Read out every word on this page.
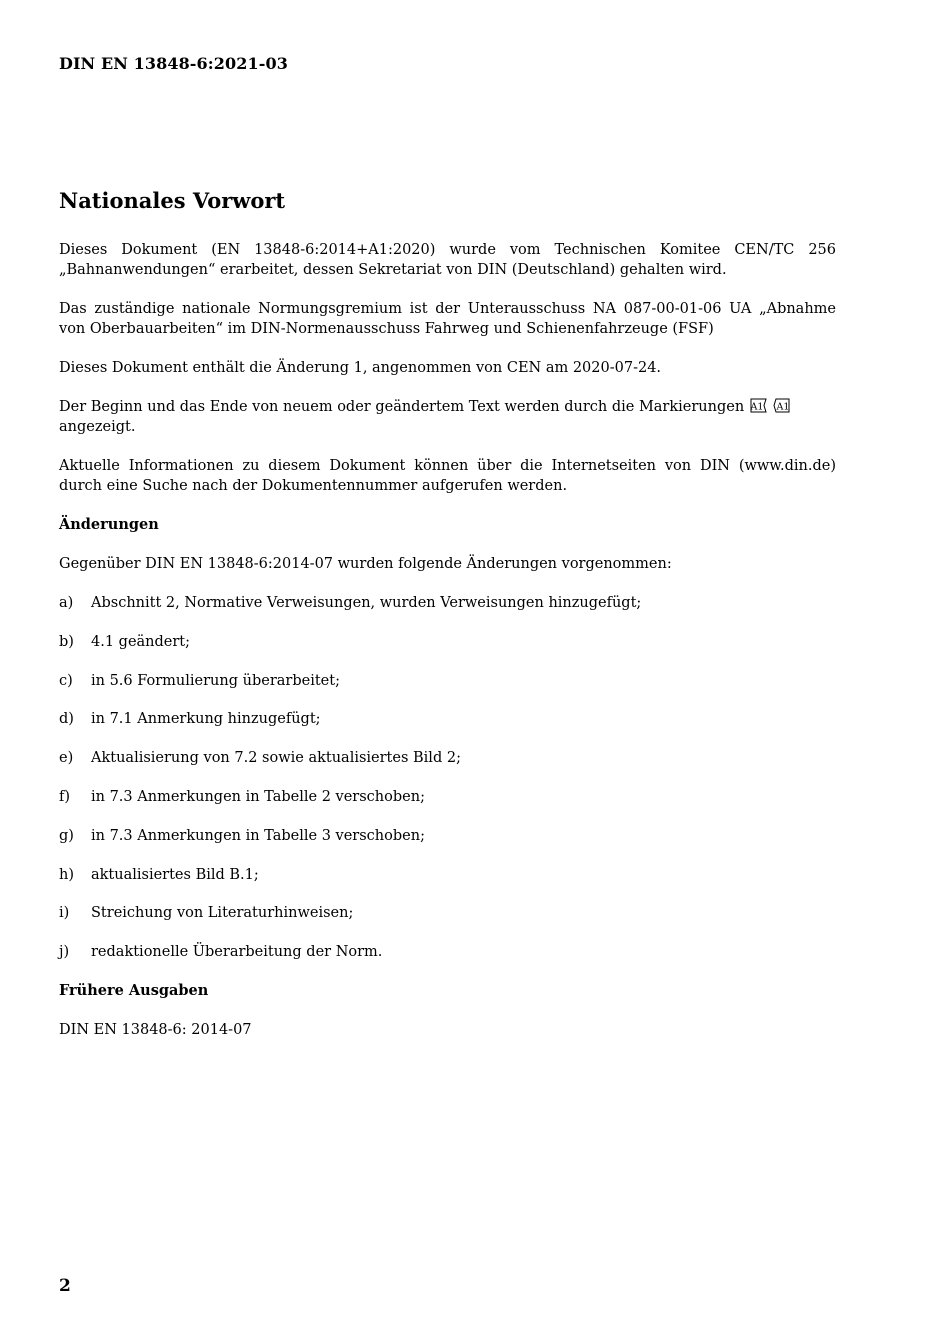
DIN EN 13848-6:2021-03
Nationales Vorwort

Dieses Dokument (EN 13848-6:2014+A1:2020) wurde vom Technischen Komitee CEN/TC 256 „Bahnanwendungen“ erarbeitet, dessen Sekretariat von DIN (Deutschland) gehalten wird.

Das zuständige nationale Normungsgremium ist der Unterausschuss NA 087-00-01-06 UA „Abnahme von Oberbauarbeiten“ im DIN-Normenausschuss Fahrweg und Schienenfahrzeuge (FSF)

Dieses Dokument enthält die Änderung 1, angenommen von CEN am 2020-07-24.

Der Beginn und das Ende von neuem oder geändertem Text werden durch die Markierungen A1 A1

angezeigt.

Aktuelle Informationen zu diesem Dokument können über die Internetseiten von DIN (www.din.de) durch eine Suche nach der Dokumentennummer aufgerufen werden.

Änderungen

Gegenüber DIN EN 13848-6:2014-07 wurden folgende Änderungen vorgenommen:

a)	Abschnitt 2, Normative Verweisungen, wurden Verweisungen hinzugefügt;
b)	4.1 geändert;
c)	in 5.6 Formulierung überarbeitet;
d)	in 7.1 Anmerkung hinzugefügt;
e)	Aktualisierung von 7.2 sowie aktualisiertes Bild 2;
f)	in 7.3 Anmerkungen in Tabelle 2 verschoben;
g)	in 7.3 Anmerkungen in Tabelle 3 verschoben;
h)	aktualisiertes Bild B.1;
i)	Streichung von Literaturhinweisen;
j)	redaktionelle Überarbeitung der Norm.

Frühere Ausgaben

DIN EN 13848-6: 2014-07

2
